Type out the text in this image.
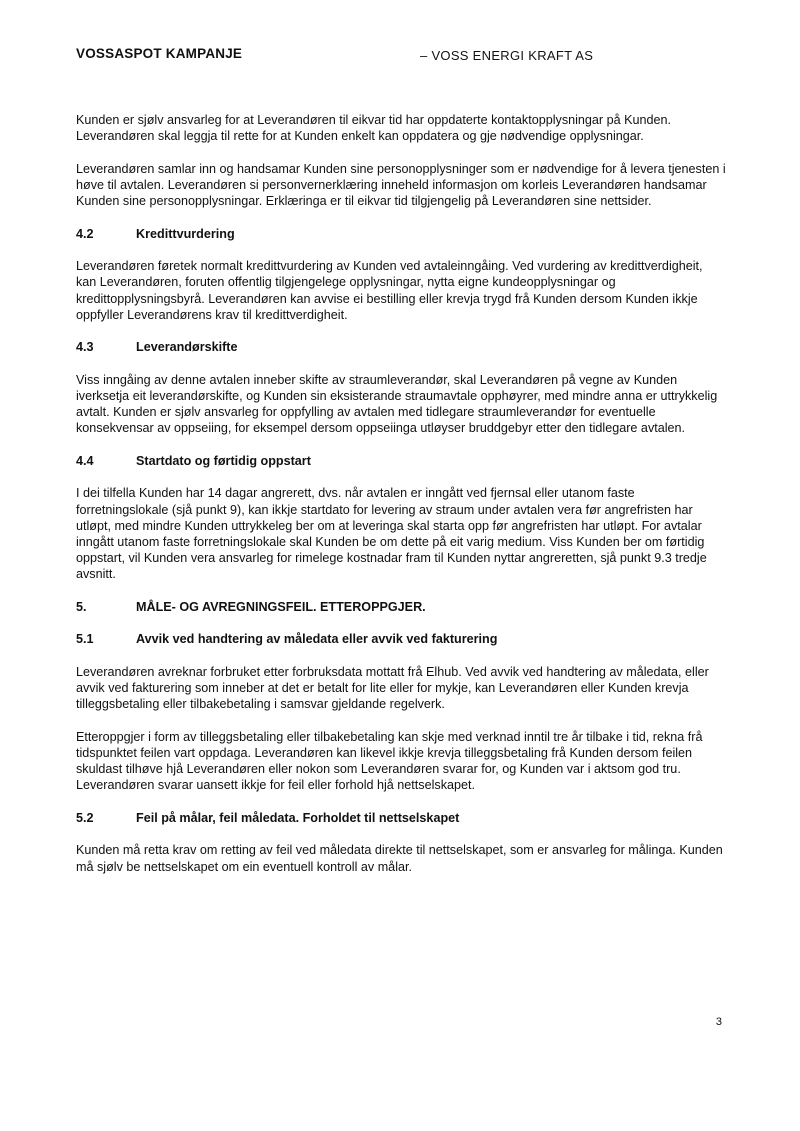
VOSSASPOT KAMPANJE	– VOSS ENERGI KRAFT AS

Kunden er sjølv ansvarleg for at Leverandøren til eikvar tid har oppdaterte kontaktopplysningar på Kunden. Leverandøren skal leggja til rette for at Kunden enkelt kan oppdatera og gje nødvendige opplysningar.

Leverandøren samlar inn og handsamar Kunden sine personopplysninger som er nødvendige for å levera tjenesten i høve til avtalen. Leverandøren si personvernerklæring inneheld informasjon om korleis Leverandøren handsamar Kunden sine personopplysningar. Erklæringa er til eikvar tid tilgjengelig på Leverandøren sine nettsider.

4.2	Kredittvurdering

Leverandøren føretek normalt kredittvurdering av Kunden ved avtaleinngåing. Ved vurdering av kredittverdigheit, kan Leverandøren, foruten offentlig tilgjengelege opplysningar, nytta eigne kundeopplysningar og kredittopplysningsbyrå. Leverandøren kan avvise ei bestilling eller krevja trygd frå Kunden dersom Kunden ikkje oppfyller Leverandørens krav til kredittverdigheit.

4.3	Leverandørskifte

Viss inngåing av denne avtalen inneber skifte av straumleverandør, skal Leverandøren på vegne av Kunden iverksetja eit leverandørskifte, og Kunden sin eksisterande straumavtale opphøyrer, med mindre anna er uttrykkelig avtalt. Kunden er sjølv ansvarleg for oppfylling av avtalen med tidlegare straumleverandør for eventuelle konsekvensar av oppseiing, for eksempel dersom oppseiinga utløyser bruddgebyr etter den tidlegare avtalen.

4.4	Startdato og førtidig oppstart

I dei tilfella Kunden har 14 dagar angrerett, dvs. når avtalen er inngått ved fjernsal eller utanom faste forretningslokale (sjå punkt 9), kan ikkje startdato for levering av straum under avtalen vera før angrefristen har utløpt, med mindre Kunden uttrykkeleg ber om at leveringa skal starta opp før angrefristen har utløpt. For avtalar inngått utanom faste forretningslokale skal Kunden be om dette på eit varig medium. Viss Kunden ber om førtidig oppstart, vil Kunden vera ansvarleg for rimelege kostnadar fram til Kunden nyttar angreretten, sjå punkt 9.3 tredje avsnitt.

5.	MÅLE- OG AVREGNINGSFEIL. ETTEROPPGJER.
5.1	Avvik ved handtering av måledata eller avvik ved fakturering

Leverandøren avreknar forbruket etter forbruksdata mottatt frå Elhub. Ved avvik ved handtering av måledata, eller avvik ved fakturering som inneber at det er betalt for lite eller for mykje, kan Leverandøren eller Kunden krevja tilleggsbetaling eller tilbakebetaling i samsvar gjeldande regelverk.

Etteroppgjer i form av tilleggsbetaling eller tilbakebetaling kan skje med verknad inntil tre år tilbake i tid, rekna frå tidspunktet feilen vart oppdaga. Leverandøren kan likevel ikkje krevja tilleggsbetaling frå Kunden dersom feilen skuldast tilhøve hjå Leverandøren eller nokon som Leverandøren svarar for, og Kunden var i aktsom god tru. Leverandøren svarar uansett ikkje for feil eller forhold hjå nettselskapet.

5.2	Feil på målar, feil måledata. Forholdet til nettselskapet

Kunden må retta krav om retting av feil ved måledata direkte til nettselskapet, som er ansvarleg for målinga. Kunden må sjølv be nettselskapet om ein eventuell kontroll av målar.

3
